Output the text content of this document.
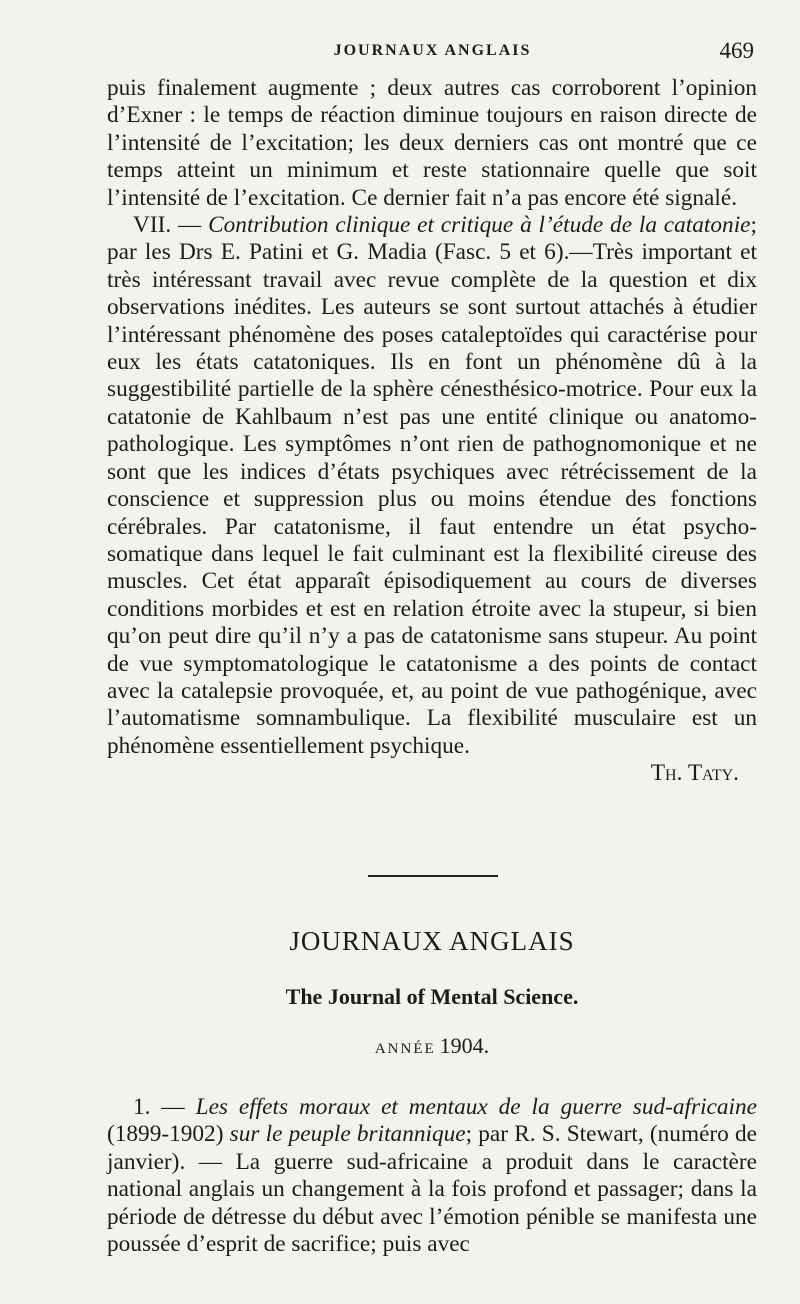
JOURNAUX ANGLAIS	469

puis finalement augmente ; deux autres cas corroborent l’opinion d’Exner : le temps de réaction diminue toujours en raison directe de l’intensité de l’excitation; les deux derniers cas ont montré que ce temps atteint un minimum et reste stationnaire quelle que soit l’intensité de l’excitation. Ce dernier fait n’a pas encore été signalé.

VII. — Contribution clinique et critique à l’étude de la catatonie; par les Drs E. Patini et G. Madia (Fasc. 5 et 6).—Très important et très intéressant travail avec revue complète de la question et dix observations inédites. Les auteurs se sont surtout attachés à étudier l’intéressant phénomène des poses cataleptoïdes qui caractérise pour eux les états catatoniques. Ils en font un phénomène dû à la suggestibilité partielle de la sphère cénesthésico-motrice. Pour eux la catatonie de Kahlbaum n’est pas une entité clinique ou anatomo-pathologique. Les symptômes n’ont rien de pathognomonique et ne sont que les indices d’états psychiques avec rétrécissement de la conscience et suppression plus ou moins étendue des fonctions cérébrales. Par catatonisme, il faut entendre un état psycho-somatique dans lequel le fait culminant est la flexibilité cireuse des muscles. Cet état apparaît épisodiquement au cours de diverses conditions morbides et est en relation étroite avec la stupeur, si bien qu’on peut dire qu’il n’y a pas de catatonisme sans stupeur. Au point de vue symptomatologique le catatonisme a des points de contact avec la catalepsie provoquée, et, au point de vue pathogénique, avec l’automatisme somnambulique. La flexibilité musculaire est un phénomène essentiellement psychique.

Th. Taty.

JOURNAUX ANGLAIS
The Journal of Mental Science.
ANNÉE 1904.

1. — Les effets moraux et mentaux de la guerre sud-africaine (1899-1902) sur le peuple britannique; par R. S. Stewart, (numéro de janvier). — La guerre sud-africaine a produit dans le caractère national anglais un changement à la fois profond et passager; dans la période de détresse du début avec l’émotion pénible se manifesta une poussée d’esprit de sacrifice; puis avec
